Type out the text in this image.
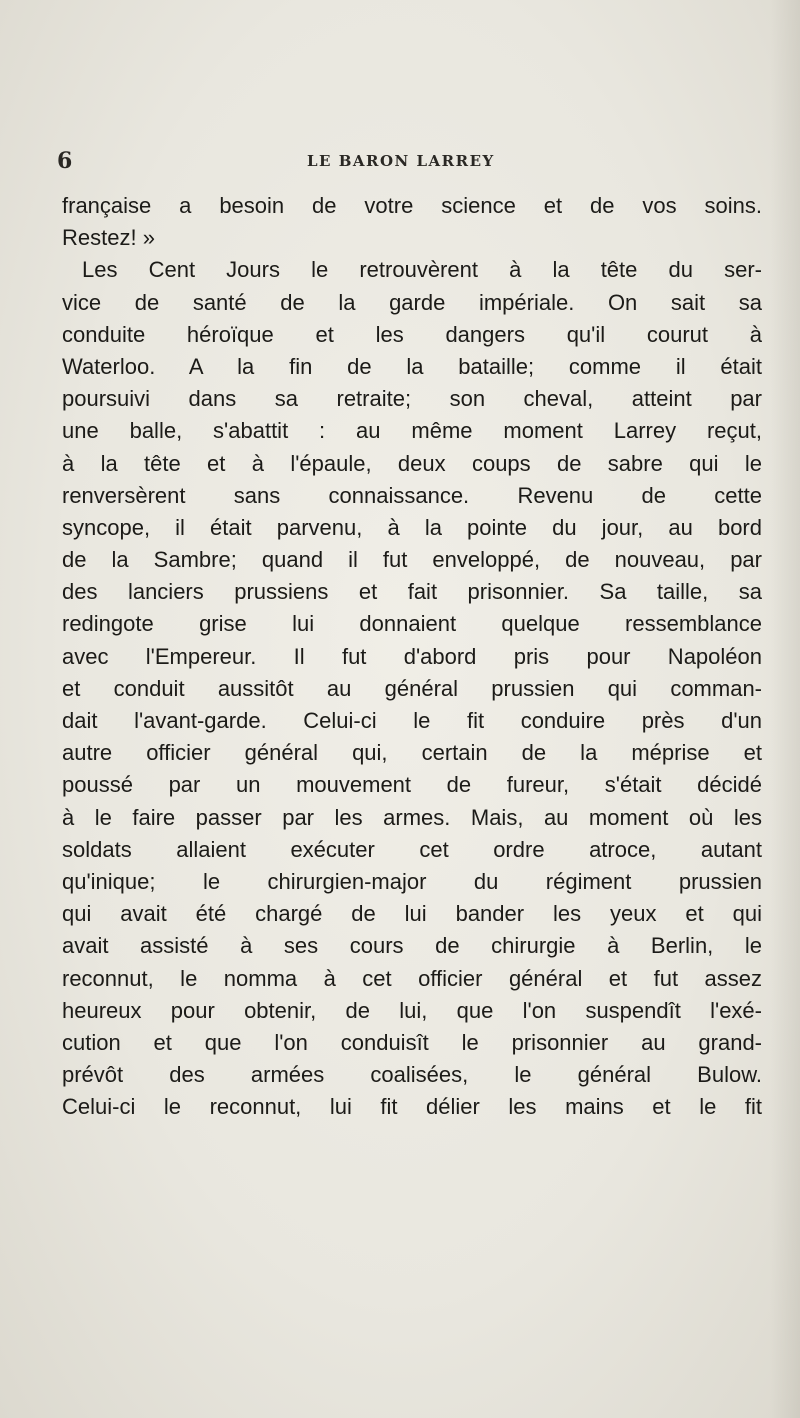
6	LE BARON LARREY
française a besoin de votre science et de vos soins.
Restez! »
Les Cent Jours le retrouvèrent à la tête du ser-
vice de santé de la garde impériale. On sait sa
conduite héroïque et les dangers qu'il courut à
Waterloo. A la fin de la bataille; comme il était
poursuivi dans sa retraite; son cheval, atteint par
une balle, s'abattit : au même moment Larrey reçut,
à la tête et à l'épaule, deux coups de sabre qui le
renversèrent sans connaissance. Revenu de cette
syncope, il était parvenu, à la pointe du jour, au bord
de la Sambre; quand il fut enveloppé, de nouveau, par
des lanciers prussiens et fait prisonnier. Sa taille, sa
redingote grise lui donnaient quelque ressemblance
avec l'Empereur. Il fut d'abord pris pour Napoléon
et conduit aussitôt au général prussien qui comman-
dait l'avant-garde. Celui-ci le fit conduire près d'un
autre officier général qui, certain de la méprise et
poussé par un mouvement de fureur, s'était décidé
à le faire passer par les armes. Mais, au moment où les
soldats allaient exécuter cet ordre atroce, autant
qu'inique; le chirurgien-major du régiment prussien
qui avait été chargé de lui bander les yeux et qui
avait assisté à ses cours de chirurgie à Berlin, le
reconnut, le nomma à cet officier général et fut assez
heureux pour obtenir, de lui, que l'on suspendît l'exé-
cution et que l'on conduisît le prisonnier au grand-
prévôt des armées coalisées, le général Bulow.
Celui-ci le reconnut, lui fit délier les mains et le fit
